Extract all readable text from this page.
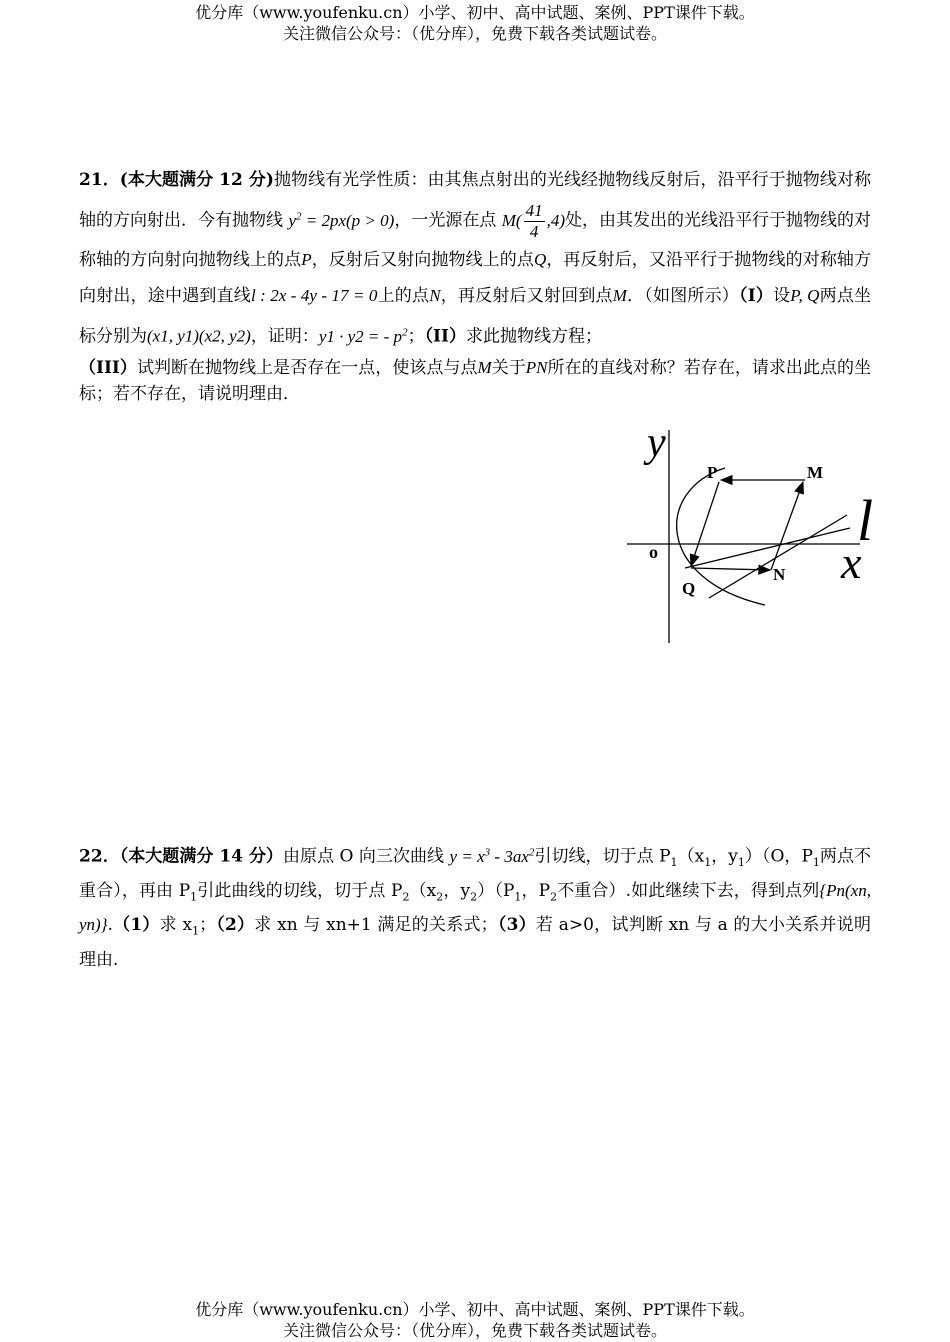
优分库（www.youfenku.cn）小学、初中、高中试题、案例、PPT课件下载。
关注微信公众号：（优分库），免费下载各类试题试卷。
21．(本大题满分 12 分)抛物线有光学性质：由其焦点射出的光线经抛物线反射后，沿平行于抛物线对称轴的方向射出．今有抛物线 $y^2 = 2px(p > 0)$，一光源在点 $M( \frac{41}{4} ,4)$处，由其发出的光线沿平行于抛物线的对称轴的方向射向抛物线上的点P，反射后又射向抛物线上的点Q，再反射后，又沿平行于抛物线的对称轴方向射出，途中遇到直线l : 2x - 4y - 17 = 0上的点N，再反射后又射回到点M．（如图所示）（I）设P, Q两点坐标分别为(x1, y1)(x2, y2)，证明：y1 · y2 = - $p^2$；（II）求此抛物线方程；
（III）试判断在抛物线上是否存在一点，使该点与点M关于PN所在的直线对称？若存在，请求出此点的坐标；若不存在，请说明理由．
y
x
l
o
P	M
Q
N
22．（本大题满分 14 分）由原点 O 向三次曲线 $y = x^3 - 3ax^2$引切线，切于点 $P_1(x_1$，$y_1)(O$，$P_1$两点不重合），再由 $P_1$引此曲线的切线，切于点 $P_2(x_2$，$y_2)(P_1$，$P_2$不重合）.如此继续下去，得到点列{Pn(xn, yn)}.（1）求 $x_1$；（2）求 xn 与 xn+1 满足的关系式；（3）若 a>0，试判断 xn 与 a 的大小关系并说明理由.
优分库（www.youfenku.cn）小学、初中、高中试题、案例、PPT课件下载。
关注微信公众号：（优分库），免费下载各类试题试卷。
